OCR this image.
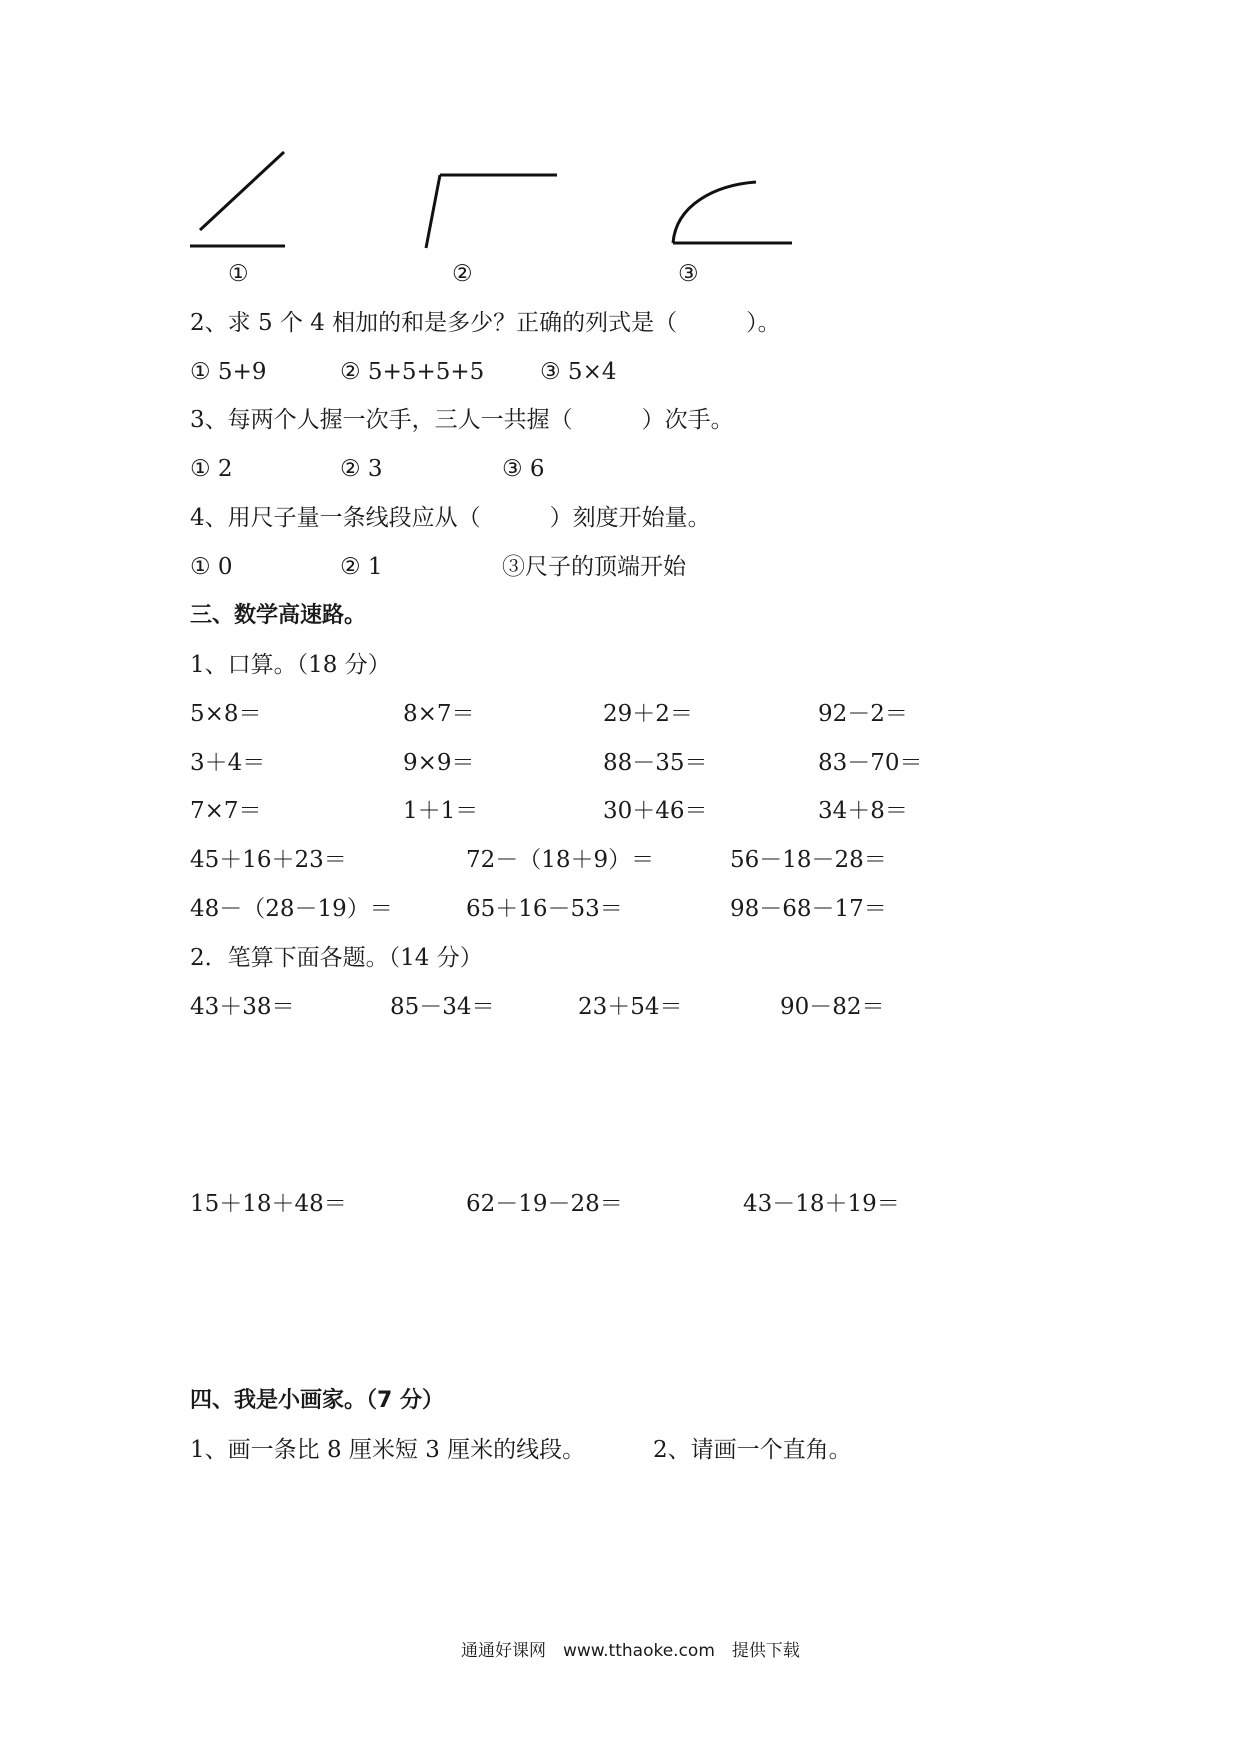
①	②	③
2、求 5 个 4 相加的和是多少？正确的列式是（　　　）。
① 5+9	② 5+5+5+5 ③ 5×4
3、每两个人握一次手，三人一共握（　　　）次手。
① 2	② 3	③ 6
4、用尺子量一条线段应从（　　　）刻度开始量。
① 0	② 1	③尺子的顶端开始
三、数学高速路。
1、口算。（18 分）
5×8＝	8×7＝	29＋2＝	92－2＝
3＋4＝	9×9＝	88－35＝	83－70＝
7×7＝	1＋1＝	30＋46＝	34＋8＝
45＋16＋23＝	72－（18＋9）＝	56－18－28＝
48－（28－19）＝	65＋16－53＝	98－68－17＝
2．笔算下面各题。（14 分）
43＋38＝	85－34＝	23＋54＝	90－82＝
15＋18＋48＝	62－19－28＝	43－18＋19＝
四、我是小画家。（7 分）
1、画一条比 8 厘米短 3 厘米的线段。	2、请画一个直角。
通通好课网　www.tthaoke.com　提供下载
